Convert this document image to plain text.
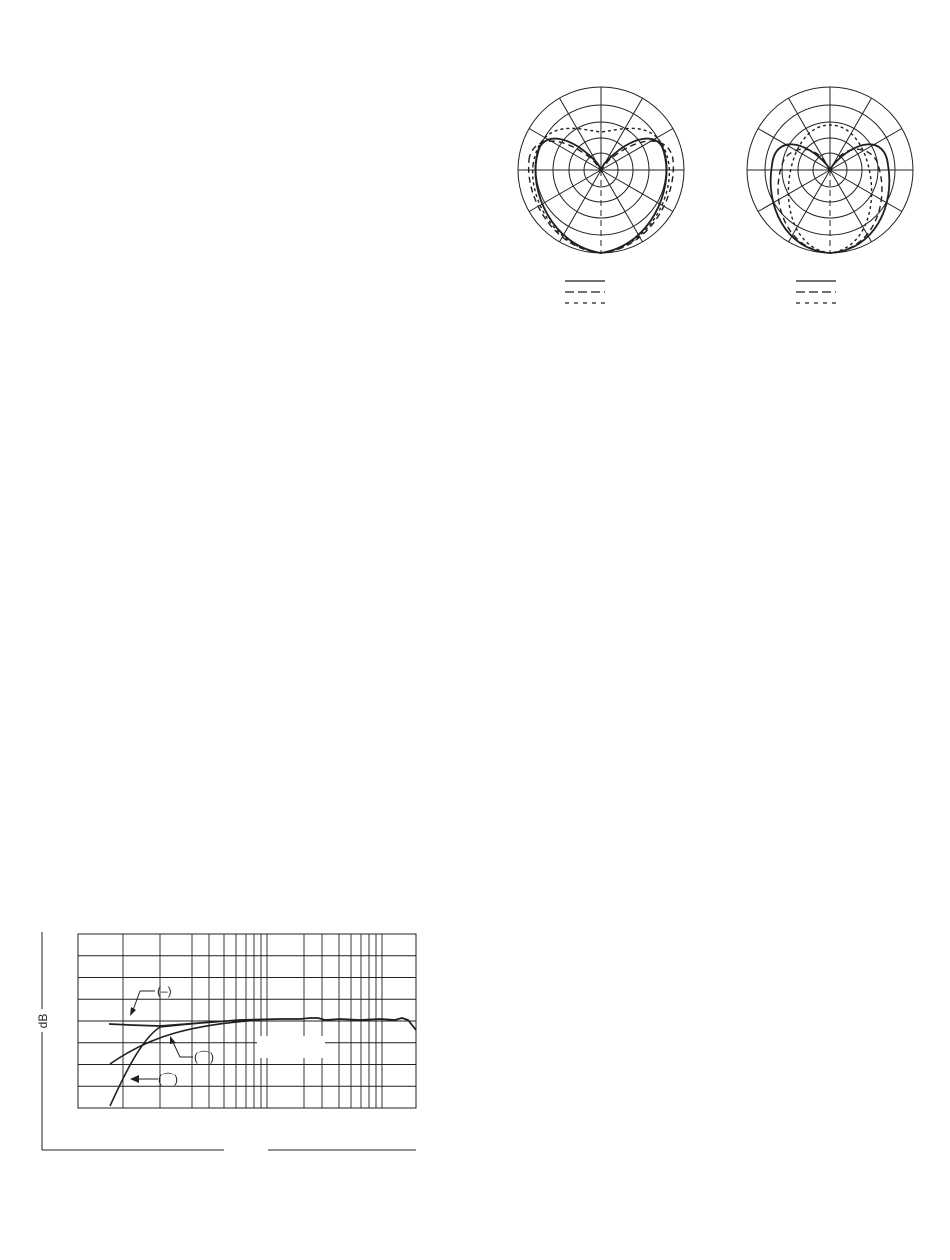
dB
(–)
(⌒)
(⌒)
